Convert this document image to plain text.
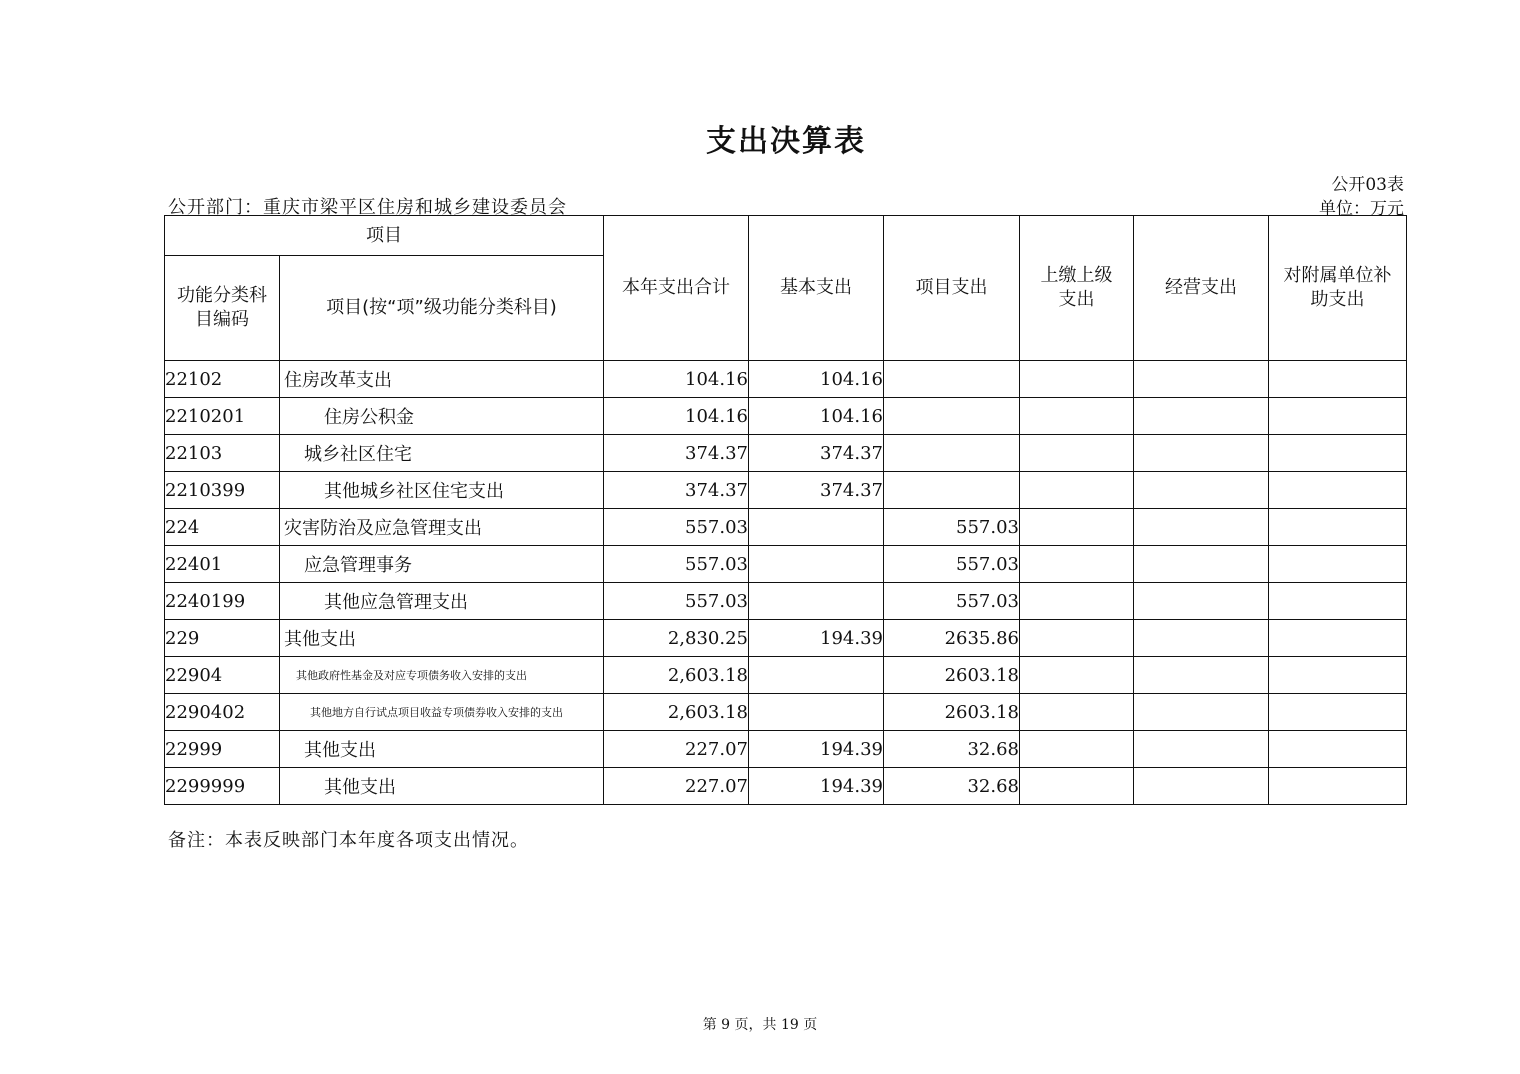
支出决算表
公开03表
单位：万元
公开部门：重庆市梁平区住房和城乡建设委员会
项目		本年支出合计	基本支出	项目支出	上缴上级支出	经营支出	对附属单位补助支出
功能分类科目编码	项目(按“项”级功能分类科目)						
22102	住房改革支出	104.16	104.16				
2210201	住房公积金	104.16	104.16				
22103	城乡社区住宅	374.37	374.37				
2210399	其他城乡社区住宅支出	374.37	374.37				
224	灾害防治及应急管理支出	557.03		557.03			
22401	应急管理事务	557.03		557.03			
2240199	其他应急管理支出	557.03		557.03			
229	其他支出	2,830.25	194.39	2635.86			
22904	其他政府性基金及对应专项债务收入安排的支出	2,603.18		2603.18			
2290402	其他地方自行试点项目收益专项债券收入安排的支出	2,603.18		2603.18			
22999	其他支出	227.07	194.39	32.68			
2299999	其他支出	227.07	194.39	32.68			
备注：本表反映部门本年度各项支出情况。
第 9 页，共 19 页
